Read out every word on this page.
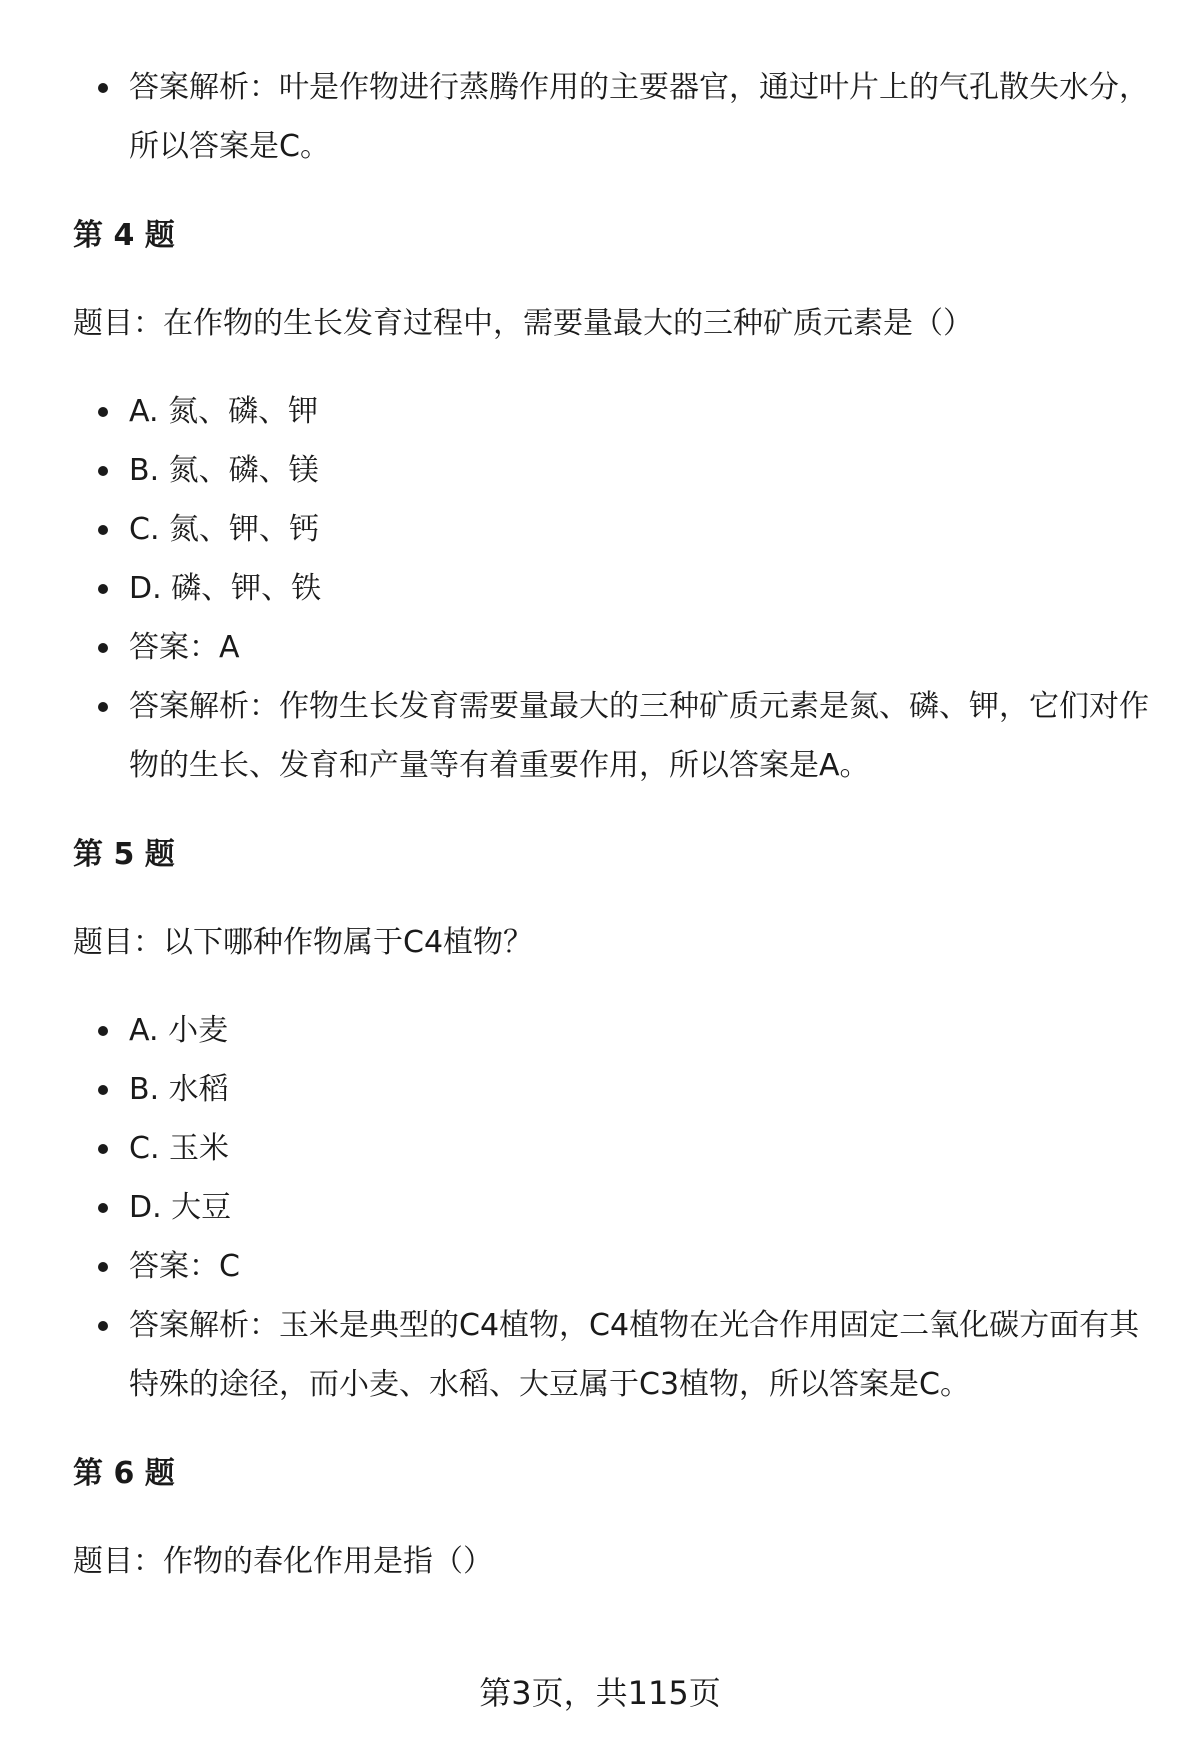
答案解析：叶是作物进行蒸腾作用的主要器官，通过叶片上的气孔散失水分，所以答案是C。
第 4 题

题目：在作物的生长发育过程中，需要量最大的三种矿质元素是（）

A. 氮、磷、钾
B. 氮、磷、镁
C. 氮、钾、钙
D. 磷、钾、铁
答案：A
答案解析：作物生长发育需要量最大的三种矿质元素是氮、磷、钾，它们对作物的生长、发育和产量等有着重要作用，所以答案是A。
第 5 题

题目：以下哪种作物属于C4植物？

A. 小麦
B. 水稻
C. 玉米
D. 大豆
答案：C
答案解析：玉米是典型的C4植物，C4植物在光合作用固定二氧化碳方面有其特殊的途径，而小麦、水稻、大豆属于C3植物，所以答案是C。
第 6 题

题目：作物的春化作用是指（）

第3页，共115页
